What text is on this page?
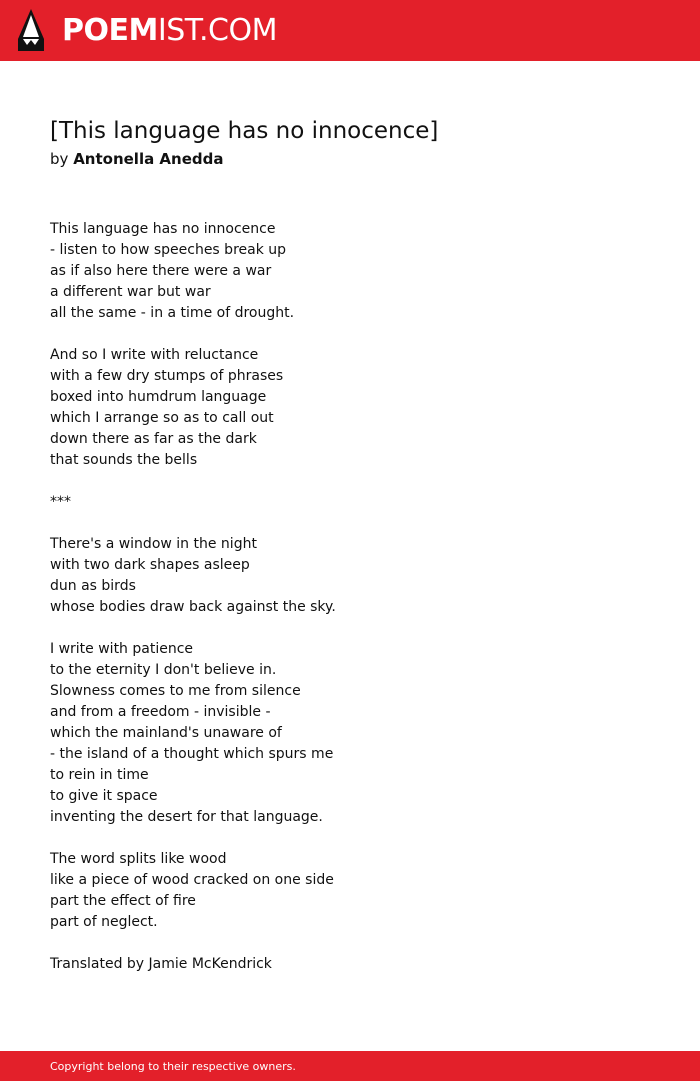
POEMIST.COM
[This language has no innocence]
by Antonella Anedda
This language has no innocence
- listen to how speeches break up
as if also here there were a war
a different war but war
all the same - in a time of drought.
And so I write with reluctance
with a few dry stumps of phrases
boxed into humdrum language
which I arrange so as to call out
down there as far as the dark
that sounds the bells
***
There's a window in the night
with two dark shapes asleep
dun as birds
whose bodies draw back against the sky.
I write with patience
to the eternity I don't believe in.
Slowness comes to me from silence
and from a freedom - invisible -
which the mainland's unaware of
- the island of a thought which spurs me
to rein in time
to give it space
inventing the desert for that language.
The word splits like wood
like a piece of wood cracked on one side
part the effect of fire
part of neglect.
Translated by Jamie McKendrick
Copyright belong to their respective owners.
